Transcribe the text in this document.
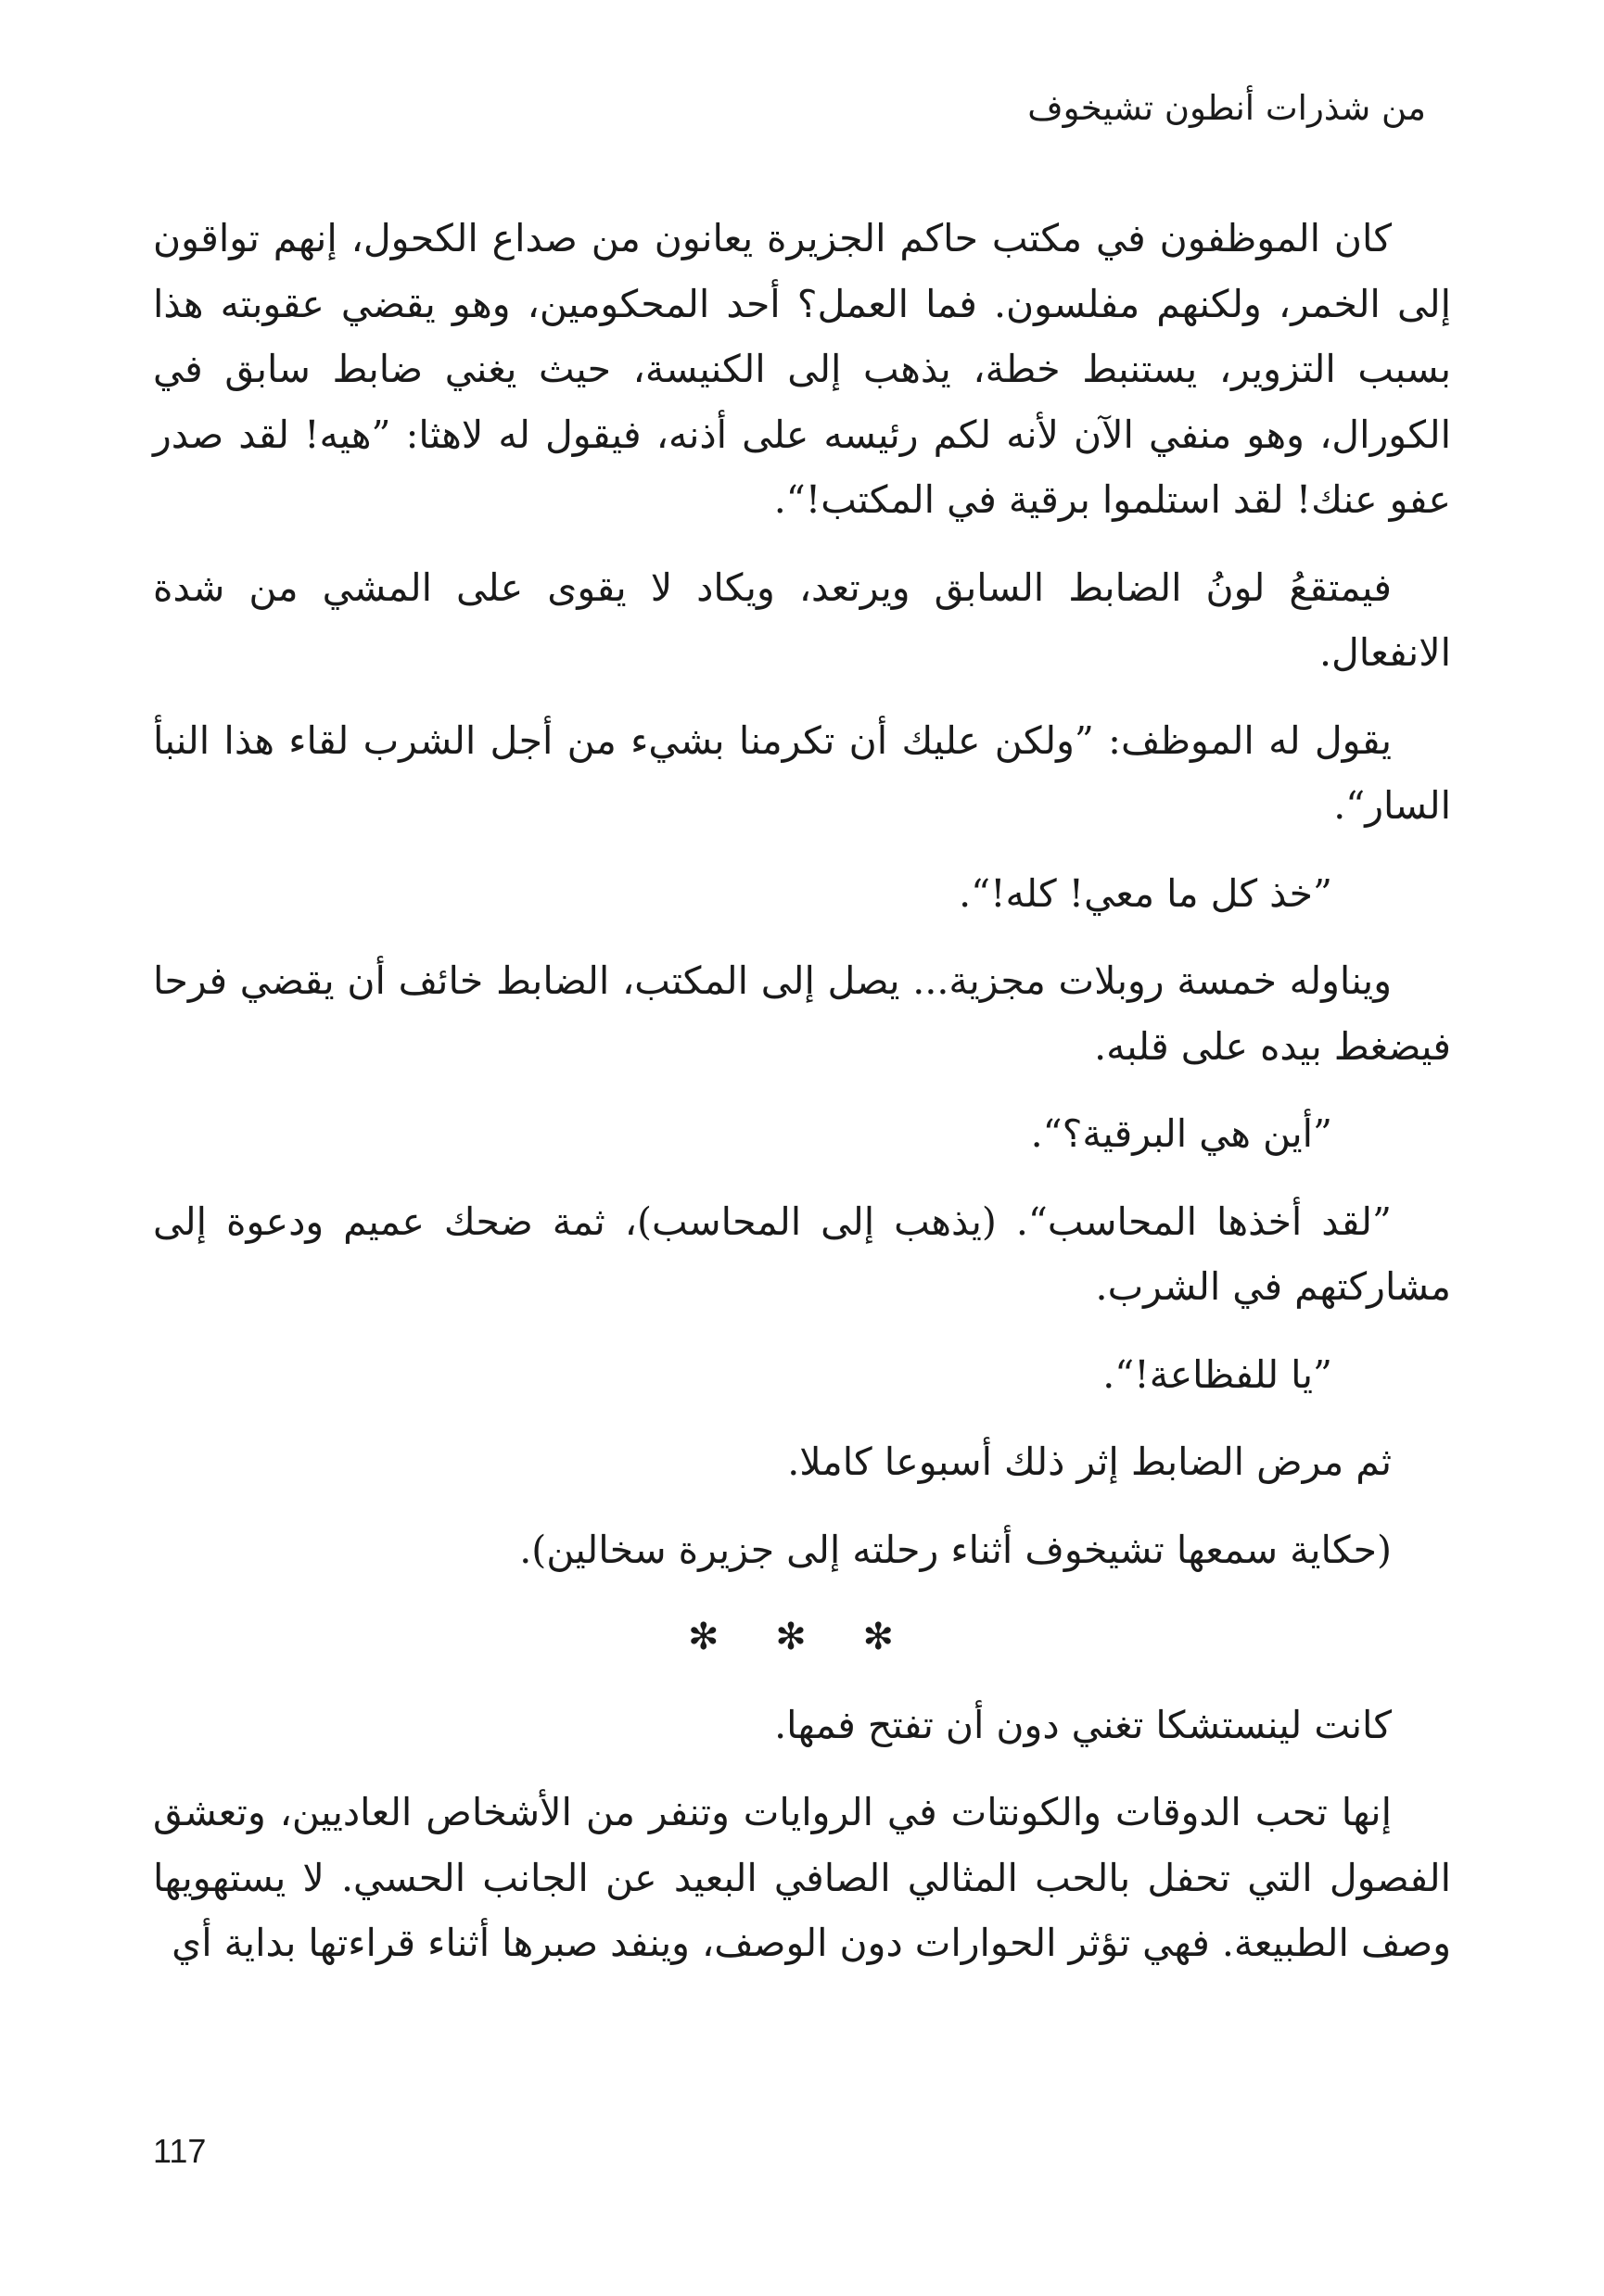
من شذرات أنطون تشيخوف

كان الموظفون في مكتب حاكم الجزيرة يعانون من صداع الكحول، إنهم تواقون إلى الخمر، ولكنهم مفلسون. فما العمل؟ أحد المحكومين، وهو يقضي عقوبته هذا بسبب التزوير، يستنبط خطة، يذهب إلى الكنيسة، حيث يغني ضابط سابق في الكورال، وهو منفي الآن لأنه لكم رئيسه على أذنه، فيقول له لاهثا: ”هيه! لقد صدر عفو عنك! لقد استلموا برقية في المكتب!“.

فيمتقعُ لونُ الضابط السابق ويرتعد، ويكاد لا يقوى على المشي من شدة الانفعال.

يقول له الموظف: ”ولكن عليك أن تكرمنا بشيء من أجل الشرب لقاء هذا النبأ السار“.

”خذ كل ما معي! كله!“.

ويناوله خمسة روبلات مجزية... يصل إلى المكتب، الضابط خائف أن يقضي فرحا فيضغط بيده على قلبه.

”أين هي البرقية؟“.

”لقد أخذها المحاسب“. (يذهب إلى المحاسب)، ثمة ضحك عميم ودعوة إلى مشاركتهم في الشرب.

”يا للفظاعة!“.

ثم مرض الضابط إثر ذلك أسبوعا كاملا.

(حكاية سمعها تشيخوف أثناء رحلته إلى جزيرة سخالين).

✻ ✻ ✻

كانت لينستشكا تغني دون أن تفتح فمها.

إنها تحب الدوقات والكونتات في الروايات وتنفر من الأشخاص العاديين، وتعشق الفصول التي تحفل بالحب المثالي الصافي البعيد عن الجانب الحسي. لا يستهويها وصف الطبيعة. فهي تؤثر الحوارات دون الوصف، وينفد صبرها أثناء قراءتها بداية أي

117
